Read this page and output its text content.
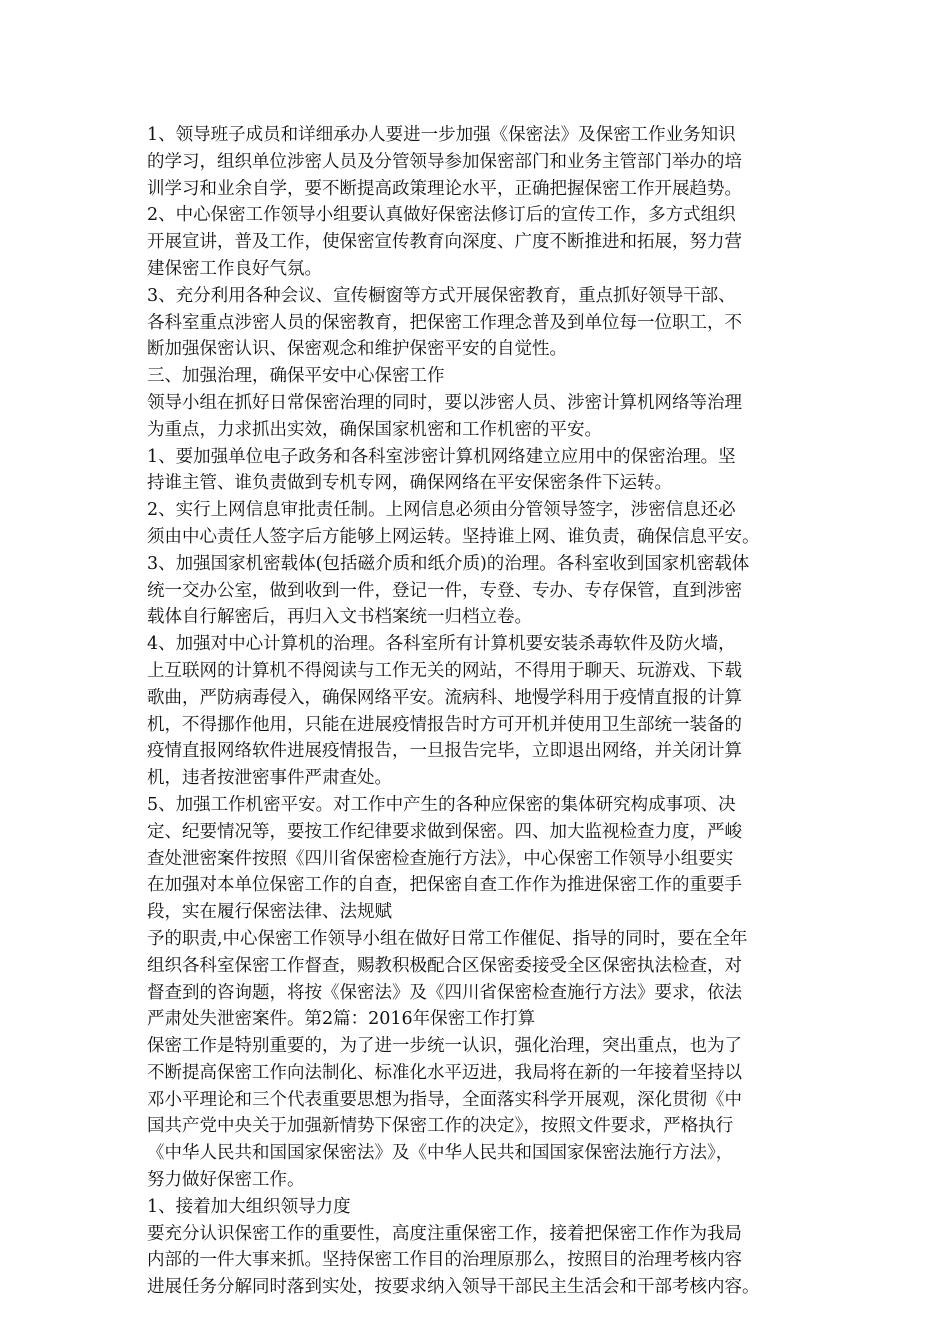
1、领导班子成员和详细承办人要进一步加强《保密法》及保密工作业务知识
的学习，组织单位涉密人员及分管领导参加保密部门和业务主管部门举办的培
训学习和业余自学，要不断提高政策理论水平，正确把握保密工作开展趋势。
2、中心保密工作领导小组要认真做好保密法修订后的宣传工作，多方式组织
开展宣讲，普及工作，使保密宣传教育向深度、广度不断推进和拓展，努力营
建保密工作良好气氛。
3、充分利用各种会议、宣传橱窗等方式开展保密教育，重点抓好领导干部、
各科室重点涉密人员的保密教育，把保密工作理念普及到单位每一位职工，不
断加强保密认识、保密观念和维护保密平安的自觉性。
三、加强治理，确保平安中心保密工作
领导小组在抓好日常保密治理的同时，要以涉密人员、涉密计算机网络等治理
为重点，力求抓出实效，确保国家机密和工作机密的平安。
1、要加强单位电子政务和各科室涉密计算机网络建立应用中的保密治理。坚
持谁主管、谁负责做到专机专网，确保网络在平安保密条件下运转。
2、实行上网信息审批责任制。上网信息必须由分管领导签字，涉密信息还必
须由中心责任人签字后方能够上网运转。坚持谁上网、谁负责，确保信息平安。
3、加强国家机密载体(包括磁介质和纸介质)的治理。各科室收到国家机密载体
统一交办公室，做到收到一件，登记一件，专登、专办、专存保管，直到涉密
载体自行解密后，再归入文书档案统一归档立卷。
4、加强对中心计算机的治理。各科室所有计算机要安装杀毒软件及防火墙，
上互联网的计算机不得阅读与工作无关的网站，不得用于聊天、玩游戏、下载
歌曲，严防病毒侵入，确保网络平安。流病科、地慢学科用于疫情直报的计算
机，不得挪作他用，只能在进展疫情报告时方可开机并使用卫生部统一装备的
疫情直报网络软件进展疫情报告，一旦报告完毕，立即退出网络，并关闭计算
机，违者按泄密事件严肃查处。
5、加强工作机密平安。对工作中产生的各种应保密的集体研究构成事项、决
定、纪要情况等，要按工作纪律要求做到保密。四、加大监视检查力度，严峻
查处泄密案件按照《四川省保密检查施行方法》，中心保密工作领导小组要实
在加强对本单位保密工作的自查，把保密自查工作作为推进保密工作的重要手
段，实在履行保密法律、法规赋
予的职责,中心保密工作领导小组在做好日常工作催促、指导的同时，要在全年
组织各科室保密工作督查，赐教积极配合区保密委接受全区保密执法检查，对
督查到的咨询题，将按《保密法》及《四川省保密检查施行方法》要求，依法
严肃处失泄密案件。第2篇：2016年保密工作打算
保密工作是特别重要的，为了进一步统一认识，强化治理，突出重点，也为了
不断提高保密工作向法制化、标准化水平迈进，我局将在新的一年接着坚持以
邓小平理论和三个代表重要思想为指导，全面落实科学开展观，深化贯彻《中
国共产党中央关于加强新情势下保密工作的决定》，按照文件要求，严格执行
《中华人民共和国国家保密法》及《中华人民共和国国家保密法施行方法》，
努力做好保密工作。
1、接着加大组织领导力度
要充分认识保密工作的重要性，高度注重保密工作，接着把保密工作作为我局
内部的一件大事来抓。坚持保密工作目的治理原那么，按照目的治理考核内容
进展任务分解同时落到实处，按要求纳入领导干部民主生活会和干部考核内容。
